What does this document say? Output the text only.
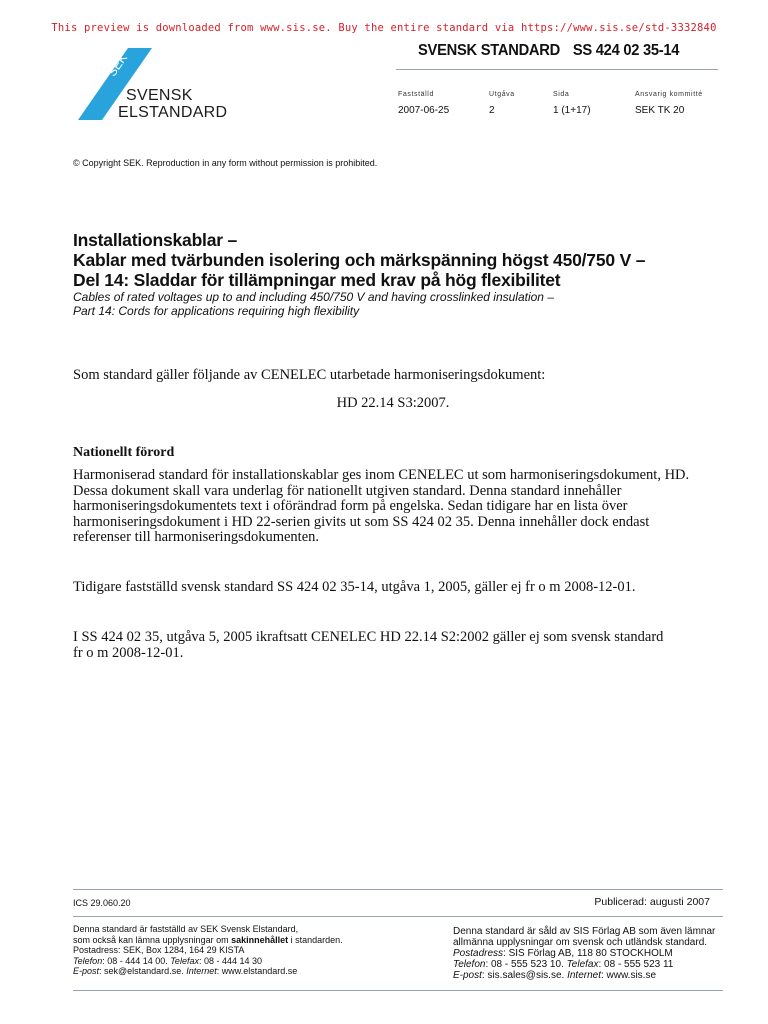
This preview is downloaded from www.sis.se. Buy the entire standard via https://www.sis.se/std-3332840
SEK
SVENSK
ELSTANDARD
SVENSK STANDARD SS 424 02 35-14
Fastställd	Utgåva	Sida	Ansvarig kommitté
2007-06-25	2	1 (1+17)	SEK TK 20
© Copyright SEK. Reproduction in any form without permission is prohibited.
Installationskablar –
Kablar med tvärbunden isolering och märkspänning högst 450/750 V –
Del 14: Sladdar för tillämpningar med krav på hög flexibilitet
Cables of rated voltages up to and including 450/750 V and having crosslinked insulation –
Part 14: Cords for applications requiring high flexibility
Som standard gäller följande av CENELEC utarbetade harmoniseringsdokument:
HD 22.14 S3:2007.
Nationellt förord
Harmoniserad standard för installationskablar ges inom CENELEC ut som harmoniseringsdokument, HD.
Dessa dokument skall vara underlag för nationellt utgiven standard. Denna standard innehåller
harmoniseringsdokumentets text i oförändrad form på engelska. Sedan tidigare har en lista över
harmoniseringsdokument i HD 22-serien givits ut som SS 424 02 35. Denna innehåller dock endast
referenser till harmoniseringsdokumenten.
Tidigare fastställd svensk standard SS 424 02 35-14, utgåva 1, 2005, gäller ej fr o m 2008-12-01.
I SS 424 02 35, utgåva 5, 2005 ikraftsatt CENELEC HD 22.14 S2:2002 gäller ej som svensk standard
fr o m 2008-12-01.
ICS 29.060.20	Publicerad: augusti 2007
Denna standard är fastställd av SEK Svensk Elstandard,
som också kan lämna upplysningar om sakinnehållet i standarden.
Postadress: SEK, Box 1284, 164 29 KISTA
Telefon: 08 - 444 14 00. Telefax: 08 - 444 14 30
E-post: sek@elstandard.se. Internet: www.elstandard.se
Denna standard är såld av SIS Förlag AB som även lämnar
allmänna upplysningar om svensk och utländsk standard.
Postadress: SIS Förlag AB, 118 80 STOCKHOLM
Telefon: 08 - 555 523 10. Telefax: 08 - 555 523 11
E-post: sis.sales@sis.se. Internet: www.sis.se
